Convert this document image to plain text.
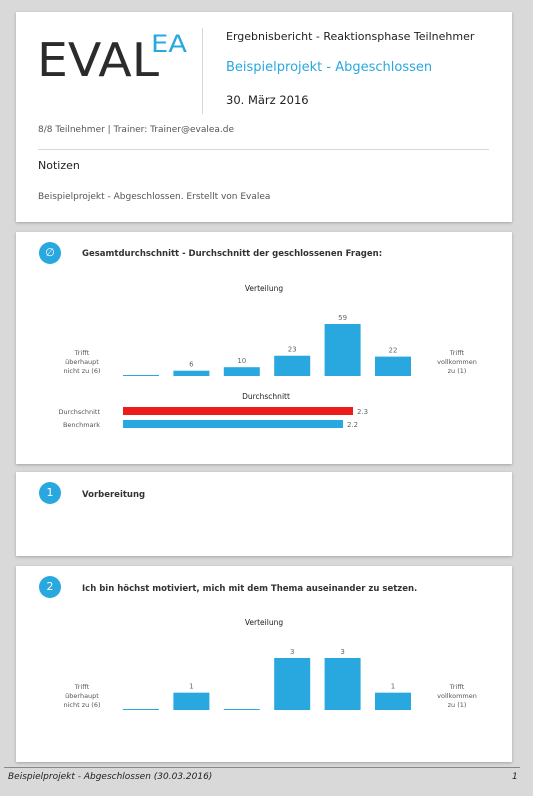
EVAL
EA	Ergebnisbericht - Reaktionsphase Teilnehmer
Beispielprojekt - Abgeschlossen
30. März 2016
8/8 Teilnehmer | Trainer: Trainer@evalea.de
Notizen
Beispielprojekt - Abgeschlossen. Erstellt von Evalea
∅	Gesamtdurchschnitt - Durchschnitt der geschlossenen Fragen:
Verteilung
6	10
23
59
22
Trifft
überhaupt
nicht zu (6)
Trifft
vollkommen
zu (1)
Durchschnitt
Durchschnitt	2.3
Benchmark	2.2
1	Vorbereitung
2	Ich bin höchst motiviert, mich mit dem Thema auseinander zu setzen.
Verteilung
1
3	3
1
Trifft
überhaupt
nicht zu (6)
Trifft
vollkommen
zu (1)
Beispielprojekt - Abgeschlossen (30.03.2016)	1
